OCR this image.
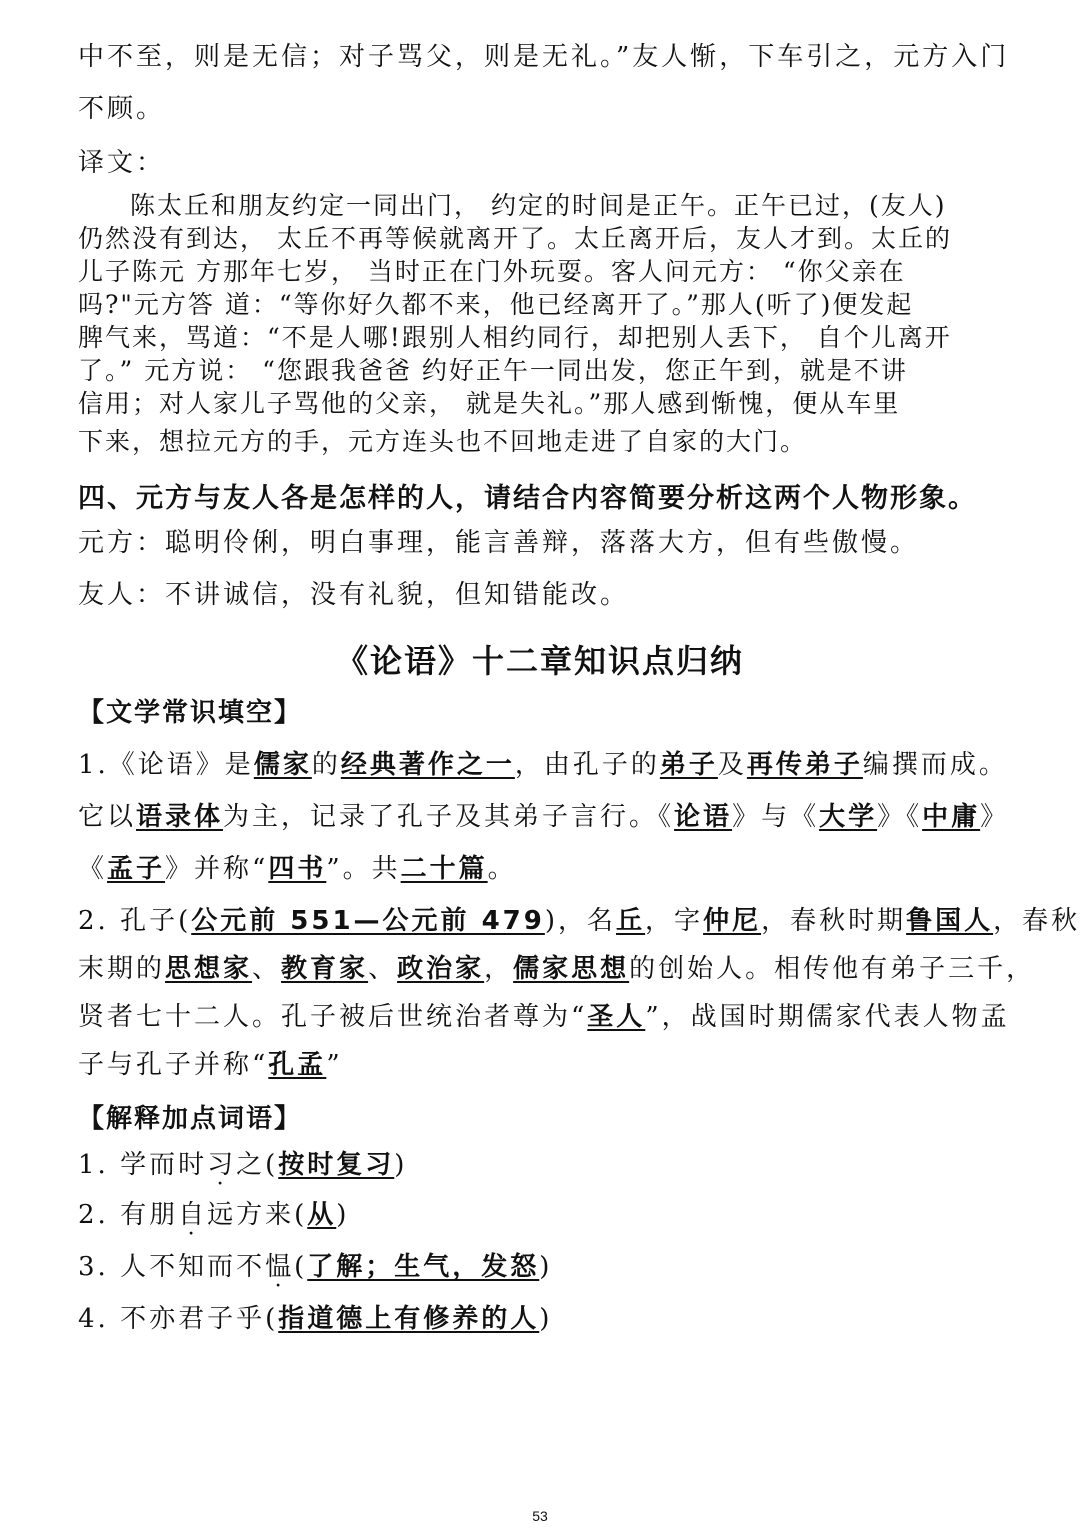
中不至，则是无信；对子骂父，则是无礼。”友人惭，下车引之，元方入门
不顾。
译文：
陈太丘和朋友约定一同出门， 约定的时间是正午。正午已过，(友人)
仍然没有到达， 太丘不再等候就离开了。太丘离开后，友人才到。太丘的
儿子陈元 方那年七岁， 当时正在门外玩耍。客人问元方： “你父亲在
吗?"元方答 道：“等你好久都不来，他已经离开了。”那人(听了)便发起
脾气来，骂道：“不是人哪!跟别人相约同行，却把别人丢下， 自个儿离开
了。” 元方说： “您跟我爸爸 约好正午一同出发，您正午到，就是不讲
信用；对人家儿子骂他的父亲， 就是失礼。”那人感到惭愧，便从车里
下来，想拉元方的手，元方连头也不回地走进了自家的大门。
四、元方与友人各是怎样的人，请结合内容简要分析这两个人物形象。
元方：聪明伶俐，明白事理，能言善辩，落落大方，但有些傲慢。
友人：不讲诚信，没有礼貌，但知错能改。
《论语》十二章知识点归纳
【文学常识填空】
1.《论语》是儒家的经典著作之一，由孔子的弟子及再传弟子编撰而成。
它以语录体为主，记录了孔子及其弟子言行。《论语》与《大学》《中庸》
《孟子》并称“四书”。共二十篇。
2. 孔子(公元前 551—公元前 479)，名丘，字仲尼，春秋时期鲁国人，春秋
末期的思想家、教育家、政治家，儒家思想的创始人。相传他有弟子三千，
贤者七十二人。孔子被后世统治者尊为“圣人”，战国时期儒家代表人物孟
子与孔子并称“孔孟”
【解释加点词语】
1. 学而时习之(按时复习)
2. 有朋自远方来(从)
3. 人不知而不愠(了解；生气，发怒)
4. 不亦君子乎(指道德上有修养的人)
53
